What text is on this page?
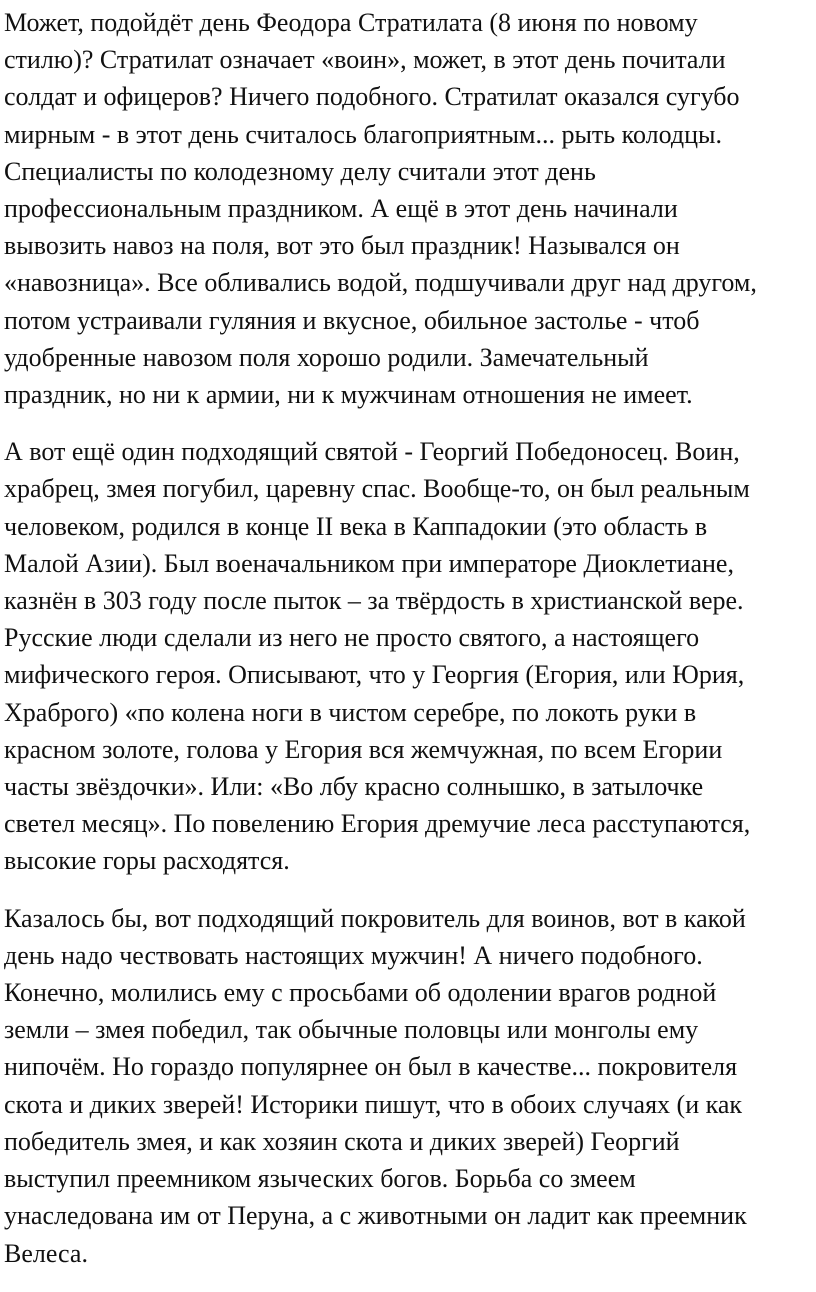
Может, подойдёт день Феодора Стратилата (8 июня по новому
стилю)? Стратилат означает «воин», может, в этот день почитали
солдат и офицеров? Ничего подобного. Стратилат оказался сугубо
мирным - в этот день считалось благоприятным... рыть колодцы.
Специалисты по колодезному делу считали этот день
профессиональным праздником. А ещё в этот день начинали
вывозить навоз на поля, вот это был праздник! Назывался он
«навозница». Все обливались водой, подшучивали друг над другом,
потом устраивали гуляния и вкусное, обильное застолье - чтоб
удобренные навозом поля хорошо родили. Замечательный
праздник, но ни к армии, ни к мужчинам отношения не имеет.

А вот ещё один подходящий святой - Георгий Победоносец. Воин,
храбрец, змея погубил, царевну спас. Вообще-то, он был реальным
человеком, родился в конце II века в Каппадокии (это область в
Малой Азии). Был военачальником при императоре Диоклетиане,
казнён в 303 году после пыток – за твёрдость в христианской вере.
Русские люди сделали из него не просто святого, а настоящего
мифического героя. Описывают, что у Георгия (Егория, или Юрия,
Храброго) «по колена ноги в чистом серебре, по локоть руки в
красном золоте, голова у Егория вся жемчужная, по всем Егории
часты звёздочки». Или: «Во лбу красно солнышко, в затылочке
светел месяц». По повелению Егория дремучие леса расступаются,
высокие горы расходятся.

Казалось бы, вот подходящий покровитель для воинов, вот в какой
день надо чествовать настоящих мужчин! А ничего подобного.
Конечно, молились ему с просьбами об одолении врагов родной
земли – змея победил, так обычные половцы или монголы ему
нипочём. Но гораздо популярнее он был в качестве... покровителя
скота и диких зверей! Историки пишут, что в обоих случаях (и как
победитель змея, и как хозяин скота и диких зверей) Георгий
выступил преемником языческих богов. Борьба со змеем
унаследована им от Перуна, а с животными он ладит как преемник
Велеса.
